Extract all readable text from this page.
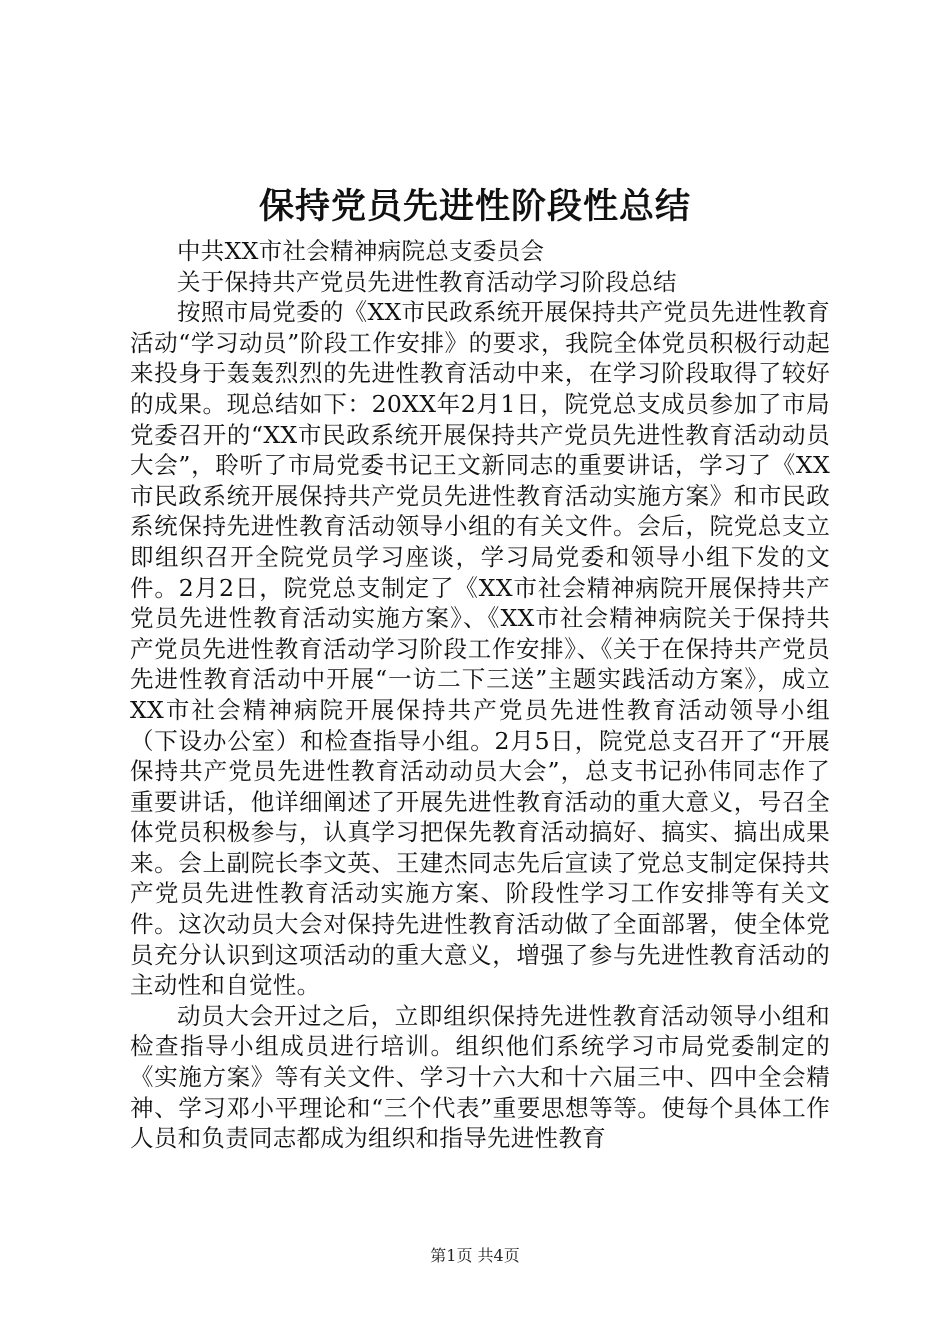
保持党员先进性阶段性总结

中共XX市社会精神病院总支委员会

关于保持共产党员先进性教育活动学习阶段总结

按照市局党委的《XX市民政系统开展保持共产党员先进性教育活动“学习动员”阶段工作安排》的要求，我院全体党员积极行动起来投身于轰轰烈烈的先进性教育活动中来，在学习阶段取得了较好的成果。现总结如下：20XX年2月1日，院党总支成员参加了市局党委召开的“XX市民政系统开展保持共产党员先进性教育活动动员大会”，聆听了市局党委书记王文新同志的重要讲话，学习了《XX市民政系统开展保持共产党员先进性教育活动实施方案》和市民政系统保持先进性教育活动领导小组的有关文件。会后，院党总支立即组织召开全院党员学习座谈，学习局党委和领导小组下发的文件。2月2日，院党总支制定了《XX市社会精神病院开展保持共产党员先进性教育活动实施方案》、《XX市社会精神病院关于保持共产党员先进性教育活动学习阶段工作安排》、《关于在保持共产党员先进性教育活动中开展“一访二下三送”主题实践活动方案》，成立XX市社会精神病院开展保持共产党员先进性教育活动领导小组（下设办公室）和检查指导小组。2月5日，院党总支召开了“开展保持共产党员先进性教育活动动员大会”，总支书记孙伟同志作了重要讲话，他详细阐述了开展先进性教育活动的重大意义，号召全体党员积极参与，认真学习把保先教育活动搞好、搞实、搞出成果来。会上副院长李文英、王建杰同志先后宣读了党总支制定保持共产党员先进性教育活动实施方案、阶段性学习工作安排等有关文件。这次动员大会对保持先进性教育活动做了全面部署，使全体党员充分认识到这项活动的重大意义，增强了参与先进性教育活动的主动性和自觉性。

动员大会开过之后，立即组织保持先进性教育活动领导小组和检查指导小组成员进行培训。组织他们系统学习市局党委制定的《实施方案》等有关文件、学习十六大和十六届三中、四中全会精神、学习邓小平理论和“三个代表”重要思想等等。使每个具体工作人员和负责同志都成为组织和指导先进性教育

第1页 共4页
